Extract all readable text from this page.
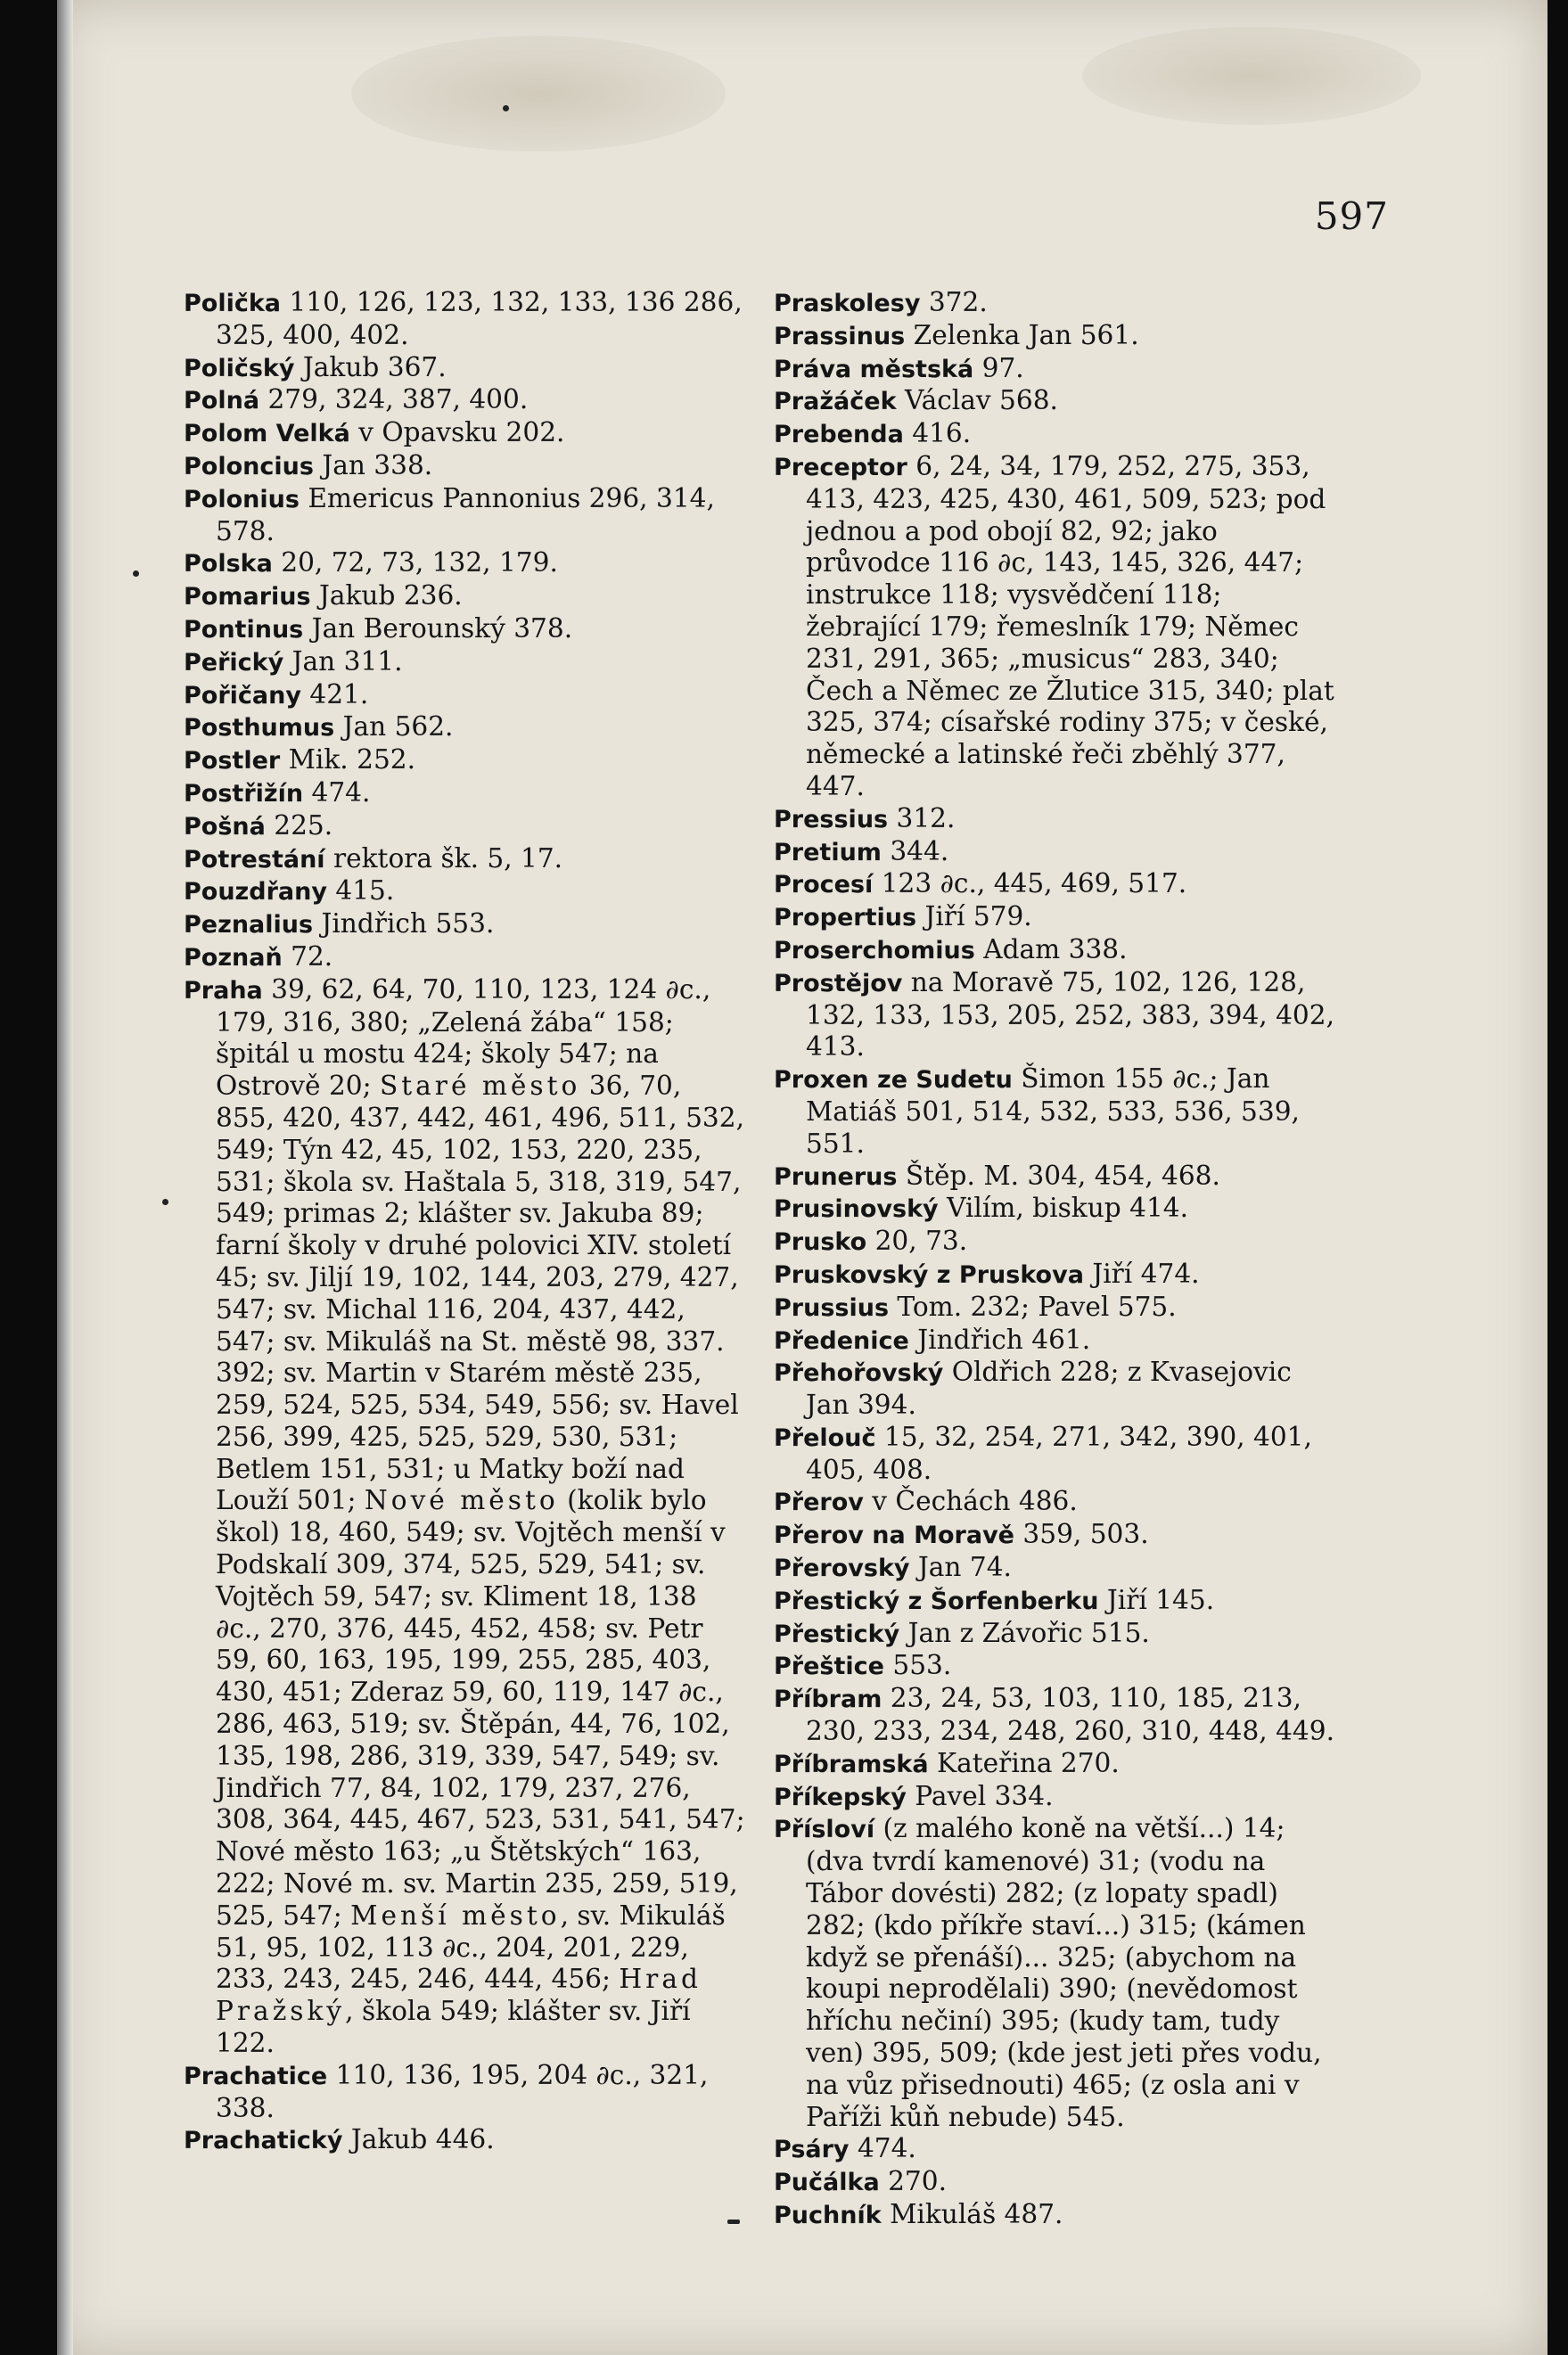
597

Polička 110, 126, 123, 132, 133, 136 286, 325, 400, 402.

Poličský Jakub 367.

Polná 279, 324, 387, 400.

Polom Velká v Opavsku 202.

Poloncius Jan 338.

Polonius Emericus Pannonius 296, 314, 578.

Polska 20, 72, 73, 132, 179.

Pomarius Jakub 236.

Pontinus Jan Berounský 378.

Peřický Jan 311.

Pořičany 421.

Posthumus Jan 562.

Postler Mik. 252.

Postřižín 474.

Pošná 225.

Potrestání rektora šk. 5, 17.

Pouzdřany 415.

Peznalius Jindřich 553.

Poznaň 72.

Praha 39, 62, 64, 70, 110, 123, 124 ∂c., 179, 316, 380; „Zelená žába“ 158; špitál u mostu 424; školy 547; na Ostrově 20; Staré město 36, 70, 855, 420, 437, 442, 461, 496, 511, 532, 549; Týn 42, 45, 102, 153, 220, 235, 531; škola sv. Haštala 5, 318, 319, 547, 549; primas 2; klášter sv. Jakuba 89; farní školy v druhé polovici XIV. století 45; sv. Jiljí 19, 102, 144, 203, 279, 427, 547; sv. Michal 116, 204, 437, 442, 547; sv. Mikuláš na St. městě 98, 337. 392; sv. Martin v Starém městě 235, 259, 524, 525, 534, 549, 556; sv. Havel 256, 399, 425, 525, 529, 530, 531; Betlem 151, 531; u Matky boží nad Louží 501; Nové město (kolik bylo škol) 18, 460, 549; sv. Vojtěch menší v Podskalí 309, 374, 525, 529, 541; sv. Vojtěch 59, 547; sv. Kliment 18, 138 ∂c., 270, 376, 445, 452, 458; sv. Petr 59, 60, 163, 195, 199, 255, 285, 403, 430, 451; Zderaz 59, 60, 119, 147 ∂c., 286, 463, 519; sv. Štěpán, 44, 76, 102, 135, 198, 286, 319, 339, 547, 549; sv. Jindřich 77, 84, 102, 179, 237, 276, 308, 364, 445, 467, 523, 531, 541, 547; Nové město 163; „u Štětských“ 163, 222; Nové m. sv. Martin 235, 259, 519, 525, 547; Menší město, sv. Mikuláš 51, 95, 102, 113 ∂c., 204, 201, 229, 233, 243, 245, 246, 444, 456; Hrad Pražský, škola 549; klášter sv. Jiří 122.

Prachatice 110, 136, 195, 204 ∂c., 321, 338.

Prachatický Jakub 446.

Praskolesy 372.

Prassinus Zelenka Jan 561.

Práva městská 97.

Pražáček Václav 568.

Prebenda 416.

Preceptor 6, 24, 34, 179, 252, 275, 353, 413, 423, 425, 430, 461, 509, 523; pod jednou a pod obojí 82, 92; jako průvodce 116 ∂c, 143, 145, 326, 447; instrukce 118; vysvědčení 118; žebrající 179; řemeslník 179; Němec 231, 291, 365; „musicus“ 283, 340; Čech a Němec ze Žlutice 315, 340; plat 325, 374; císařské rodiny 375; v české, německé a latinské řeči zběhlý 377, 447.

Pressius 312.

Pretium 344.

Procesí 123 ∂c., 445, 469, 517.

Propertius Jiří 579.

Proserchomius Adam 338.

Prostějov na Moravě 75, 102, 126, 128, 132, 133, 153, 205, 252, 383, 394, 402, 413.

Proxen ze Sudetu Šimon 155 ∂c.; Jan Matiáš 501, 514, 532, 533, 536, 539, 551.

Prunerus Štěp. M. 304, 454, 468.

Prusinovský Vilím, biskup 414.

Prusko 20, 73.

Pruskovský z Pruskova Jiří 474.

Prussius Tom. 232; Pavel 575.

Předenice Jindřich 461.

Přehořovský Oldřich 228; z Kvasejovic Jan 394.

Přelouč 15, 32, 254, 271, 342, 390, 401, 405, 408.

Přerov v Čechách 486.

Přerov na Moravě 359, 503.

Přerovský Jan 74.

Přestický z Šorfenberku Jiří 145.

Přestický Jan z Závořic 515.

Přeštice 553.

Příbram 23, 24, 53, 103, 110, 185, 213, 230, 233, 234, 248, 260, 310, 448, 449.

Příbramská Kateřina 270.

Příkepský Pavel 334.

Přísloví (z malého koně na větší...) 14; (dva tvrdí kamenové) 31; (vodu na Tábor dovésti) 282; (z lopaty spadl) 282; (kdo příkře staví...) 315; (kámen když se přenáší)... 325; (abychom na koupi neprodělali) 390; (nevědomost hříchu nečiní) 395; (kudy tam, tudy ven) 395, 509; (kde jest jeti přes vodu, na vůz přisednouti) 465; (z osla ani v Paříži kůň nebude) 545.

Psáry 474.

Pučálka 270.

Puchník Mikuláš 487.
